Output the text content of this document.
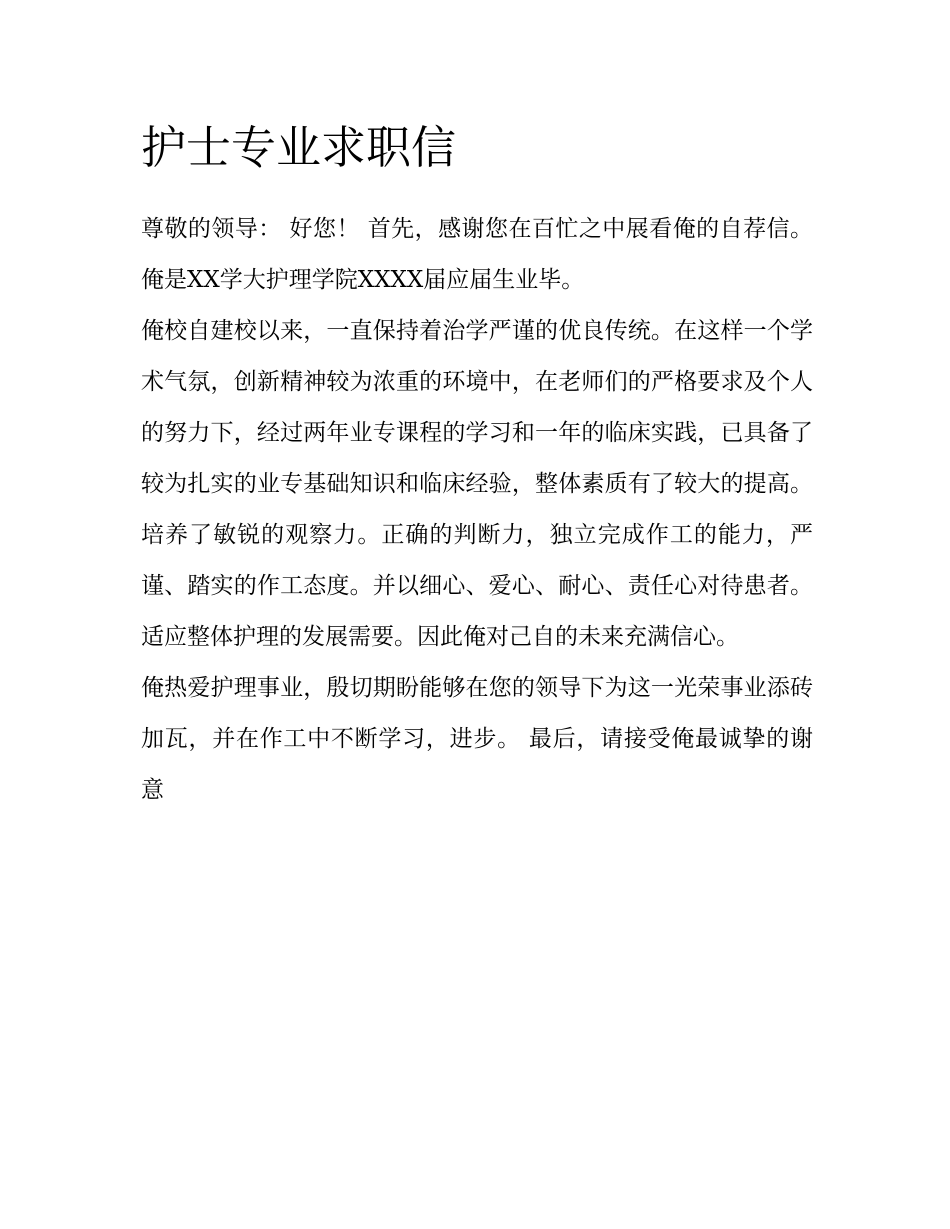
护士专业求职信

尊敬的领导： 好您！ 首先，感谢您在百忙之中展看俺的自荐信。俺是XX学大护理学院XXXX届应届生业毕。

俺校自建校以来，一直保持着治学严谨的优良传统。在这样一个学术气氛，创新精神较为浓重的环境中，在老师们的严格要求及个人的努力下，经过两年业专课程的学习和一年的临床实践，已具备了较为扎实的业专基础知识和临床经验，整体素质有了较大的提高。培养了敏锐的观察力。正确的判断力，独立完成作工的能力，严谨、踏实的作工态度。并以细心、爱心、耐心、责任心对待患者。适应整体护理的发展需要。因此俺对己自的未来充满信心。

俺热爱护理事业，殷切期盼能够在您的领导下为这一光荣事业添砖加瓦，并在作工中不断学习，进步。 最后，请接受俺最诚挚的谢意
